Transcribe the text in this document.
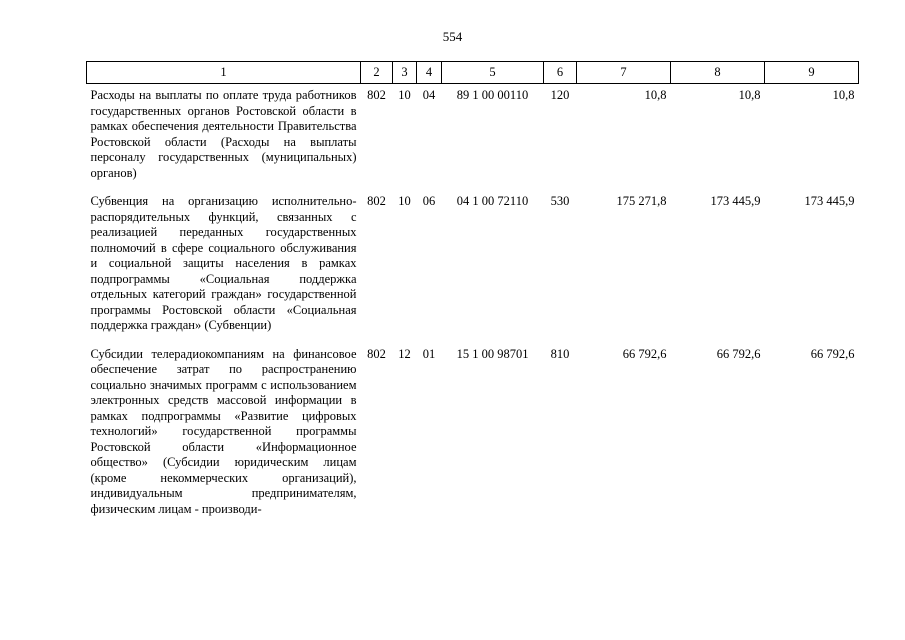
554
1	2	3	4	5	6	7	8	9

Расходы на выплаты по оплате труда работников государственных органов Ростовской области в рамках обеспечения деятельности Правительства Ростовской области (Расходы на выплаты персоналу государственных (муниципальных) органов)	802	10	04	89 1 00 00110	120	10,8	10,8	10,8

Субвенция на организацию исполнительно-распорядительных функций, связанных с реализацией переданных государственных полномочий в сфере социального обслуживания и социальной защиты населения в рамках подпрограммы «Социальная поддержка отдельных категорий граждан» государственной программы Ростовской области «Социальная поддержка граждан» (Субвенции)	802	10	06	04 1 00 72110	530	175 271,8	173 445,9	173 445,9

Субсидии телерадиокомпаниям на финансовое обеспечение затрат по распространению социально значимых программ с использованием электронных средств массовой информации в рамках подпрограммы «Развитие цифровых технологий» государственной программы Ростовской области «Информационное общество» (Субсидии юридическим лицам (кроме некоммерческих организаций), индивидуальным предпринимателям, физическим лицам - производи-	802	12	01	15 1 00 98701	810	66 792,6	66 792,6	66 792,6
